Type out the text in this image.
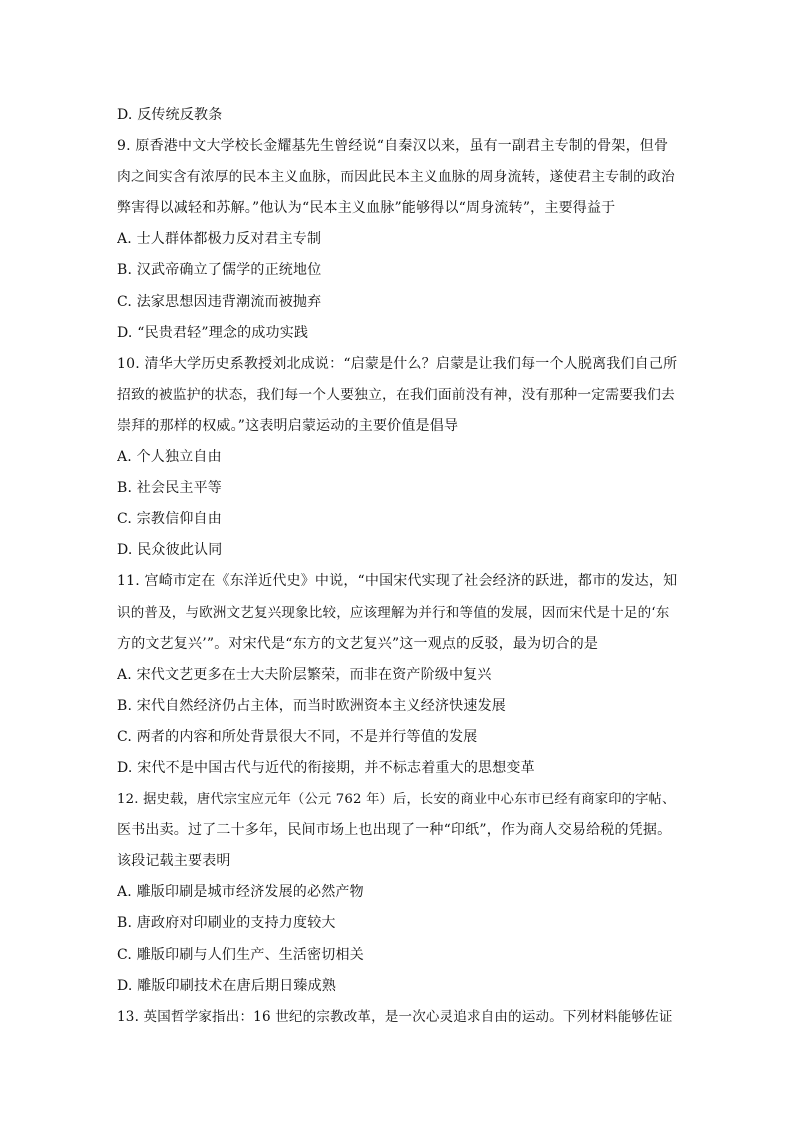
D. 反传统反教条
9. 原香港中文大学校长金耀基先生曾经说“自秦汉以来，虽有一副君主专制的骨架，但骨
肉之间实含有浓厚的民本主义血脉，而因此民本主义血脉的周身流转，遂使君主专制的政治
弊害得以减轻和苏解。”他认为“民本主义血脉”能够得以“周身流转”，主要得益于
A. 士人群体都极力反对君主专制
B. 汉武帝确立了儒学的正统地位
C. 法家思想因违背潮流而被抛弃
D. “民贵君轻”理念的成功实践
10. 清华大学历史系教授刘北成说：“启蒙是什么？启蒙是让我们每一个人脱离我们自己所
招致的被监护的状态，我们每一个人要独立，在我们面前没有神，没有那种一定需要我们去
崇拜的那样的权威。”这表明启蒙运动的主要价值是倡导
A. 个人独立自由
B. 社会民主平等
C. 宗教信仰自由
D. 民众彼此认同
11. 宫崎市定在《东洋近代史》中说，“中国宋代实现了社会经济的跃进，都市的发达，知
识的普及，与欧洲文艺复兴现象比较，应该理解为并行和等值的发展，因而宋代是十足的‘东
方的文艺复兴’”。对宋代是“东方的文艺复兴”这一观点的反驳，最为切合的是
A. 宋代文艺更多在士大夫阶层繁荣，而非在资产阶级中复兴
B. 宋代自然经济仍占主体，而当时欧洲资本主义经济快速发展
C. 两者的内容和所处背景很大不同，不是并行等值的发展
D. 宋代不是中国古代与近代的衔接期，并不标志着重大的思想变革
12. 据史载，唐代宗宝应元年（公元 762 年）后，长安的商业中心东市已经有商家印的字帖、
医书出卖。过了二十多年，民间市场上也出现了一种“印纸”，作为商人交易给税的凭据。
该段记载主要表明
A. 雕版印刷是城市经济发展的必然产物
B. 唐政府对印刷业的支持力度较大
C. 雕版印刷与人们生产、生活密切相关
D. 雕版印刷技术在唐后期日臻成熟
13. 英国哲学家指出：16 世纪的宗教改革，是一次心灵追求自由的运动。下列材料能够佐证
